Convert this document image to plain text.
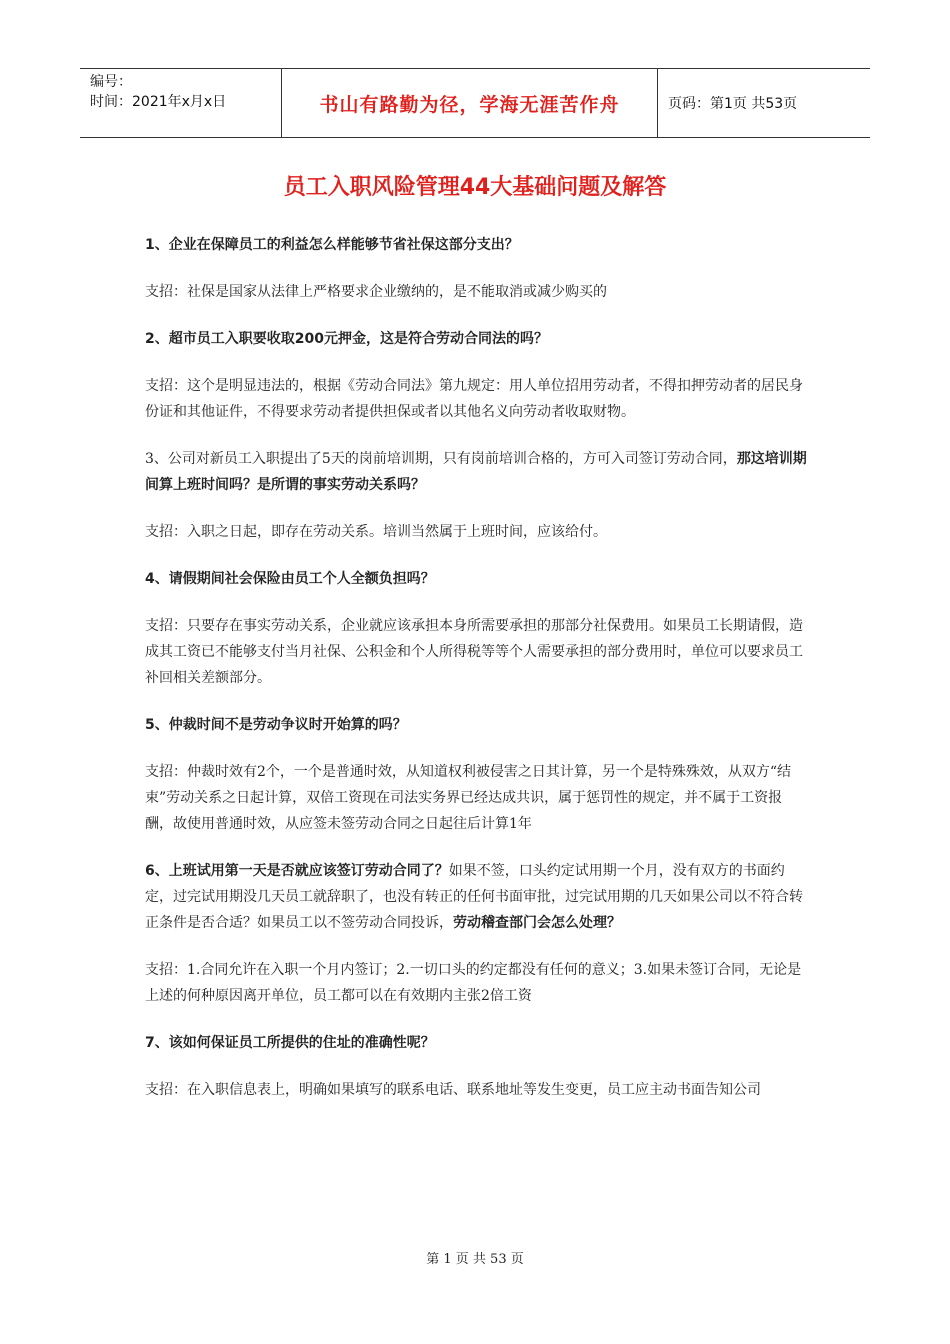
编号：
时间：2021年x月x日	书山有路勤为径，学海无涯苦作舟	页码：第1页 共53页
员工入职风险管理44大基础问题及解答

1、企业在保障员工的利益怎么样能够节省社保这部分支出？

支招：社保是国家从法律上严格要求企业缴纳的，是不能取消或减少购买的

2、超市员工入职要收取200元押金，这是符合劳动合同法的吗？

支招：这个是明显违法的，根据《劳动合同法》第九规定：用人单位招用劳动者，不得扣押劳动者的居民身份证和其他证件，不得要求劳动者提供担保或者以其他名义向劳动者收取财物。

3、公司对新员工入职提出了5天的岗前培训期，只有岗前培训合格的，方可入司签订劳动合同，那这培训期间算上班时间吗？是所谓的事实劳动关系吗？

支招：入职之日起，即存在劳动关系。培训当然属于上班时间，应该给付。

4、请假期间社会保险由员工个人全额负担吗？

支招：只要存在事实劳动关系，企业就应该承担本身所需要承担的那部分社保费用。如果员工长期请假，造成其工资已不能够支付当月社保、公积金和个人所得税等等个人需要承担的部分费用时，单位可以要求员工补回相关差额部分。

5、仲裁时间不是劳动争议时开始算的吗？

支招：仲裁时效有2个，一个是普通时效，从知道权利被侵害之日其计算，另一个是特殊殊效，从双方“结束”劳动关系之日起计算，双倍工资现在司法实务界已经达成共识，属于惩罚性的规定，并不属于工资报酬，故使用普通时效，从应签未签劳动合同之日起往后计算1年

6、上班试用第一天是否就应该签订劳动合同了？如果不签，口头约定试用期一个月，没有双方的书面约定，过完试用期没几天员工就辞职了，也没有转正的任何书面审批，过完试用期的几天如果公司以不符合转正条件是否合适？如果员工以不签劳动合同投诉，劳动稽查部门会怎么处理？

支招：1.合同允许在入职一个月内签订；2.一切口头的约定都没有任何的意义；3.如果未签订合同，无论是上述的何种原因离开单位，员工都可以在有效期内主张2倍工资

7、该如何保证员工所提供的住址的准确性呢？

支招：在入职信息表上，明确如果填写的联系电话、联系地址等发生变更，员工应主动书面告知公司

第 1 页 共 53 页
